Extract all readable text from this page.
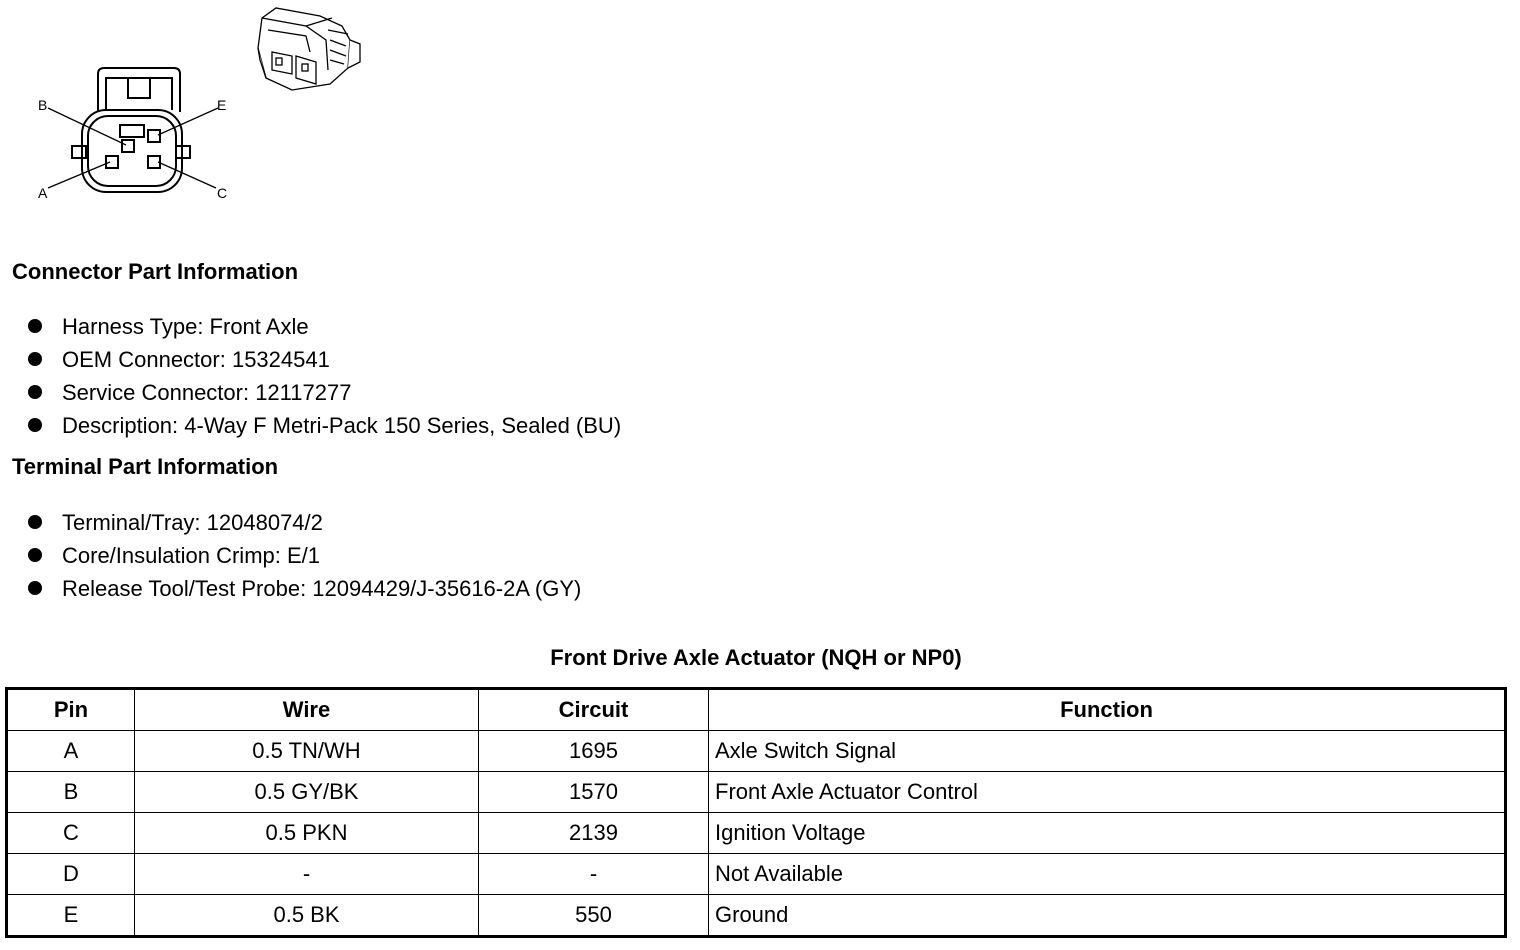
B	E
A	C
Connector Part Information
Harness Type: Front Axle
OEM Connector: 15324541
Service Connector: 12117277
Description: 4-Way F Metri-Pack 150 Series, Sealed (BU)
Terminal Part Information
Terminal/Tray: 12048074/2
Core/Insulation Crimp: E/1
Release Tool/Test Probe: 12094429/J-35616-2A (GY)
Front Drive Axle Actuator (NQH or NP0)
Pin	Wire	Circuit	Function
A	0.5 TN/WH	1695	Axle Switch Signal
B	0.5 GY/BK	1570	Front Axle Actuator Control
C	0.5 PKN	2139	Ignition Voltage
D	-	-	Not Available
E	0.5 BK	550	Ground
